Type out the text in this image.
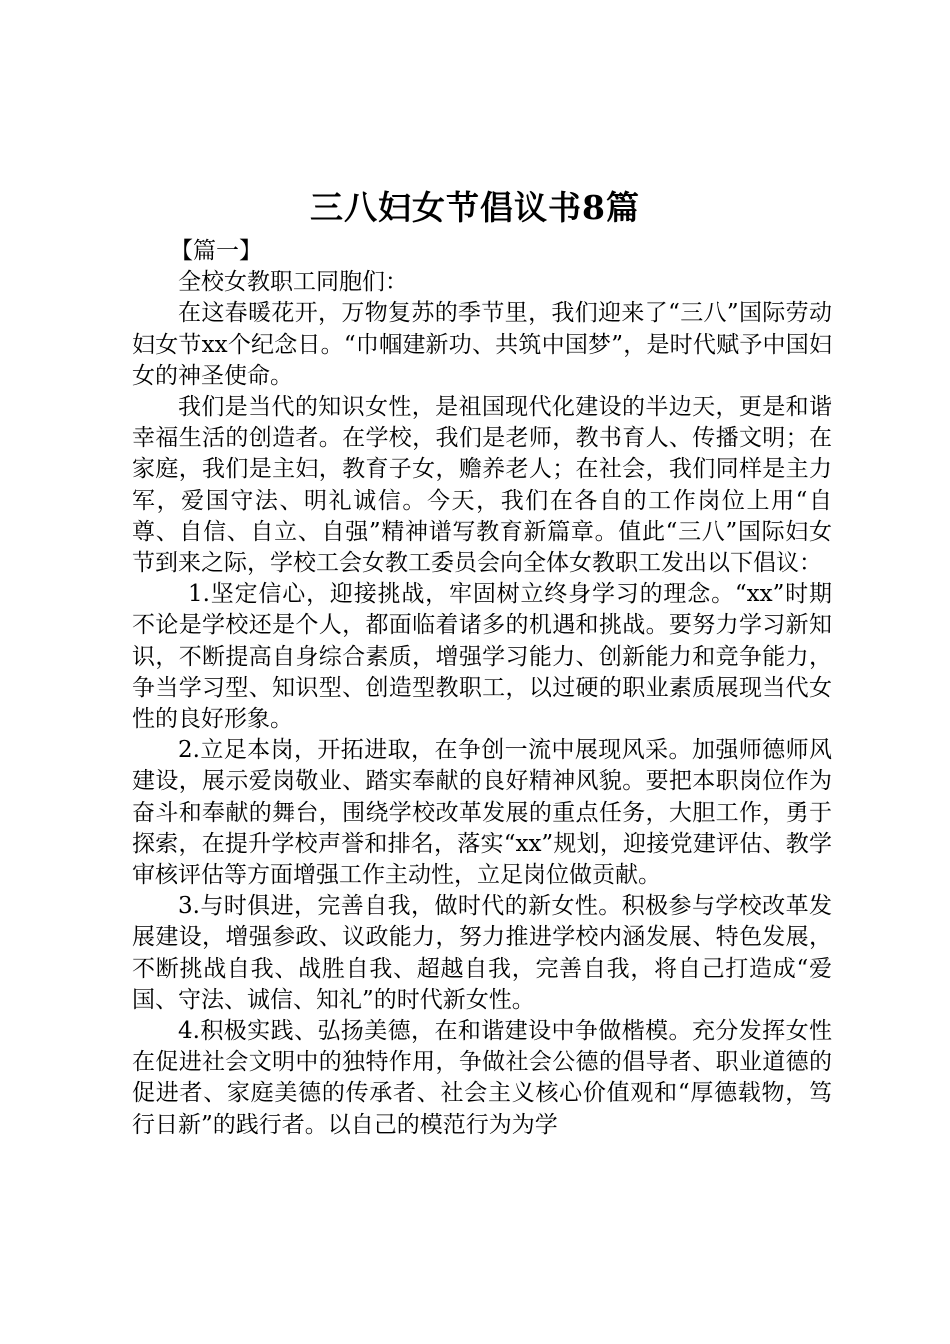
三八妇女节倡议书8篇

【篇一】

全校女教职工同胞们：

在这春暖花开，万物复苏的季节里，我们迎来了“三八”国际劳动妇女节xx个纪念日。“巾帼建新功、共筑中国梦”，是时代赋予中国妇女的神圣使命。

我们是当代的知识女性，是祖国现代化建设的半边天，更是和谐幸福生活的创造者。在学校，我们是老师，教书育人、传播文明；在家庭，我们是主妇，教育子女，赡养老人；在社会，我们同样是主力军，爱国守法、明礼诚信。今天，我们在各自的工作岗位上用“自尊、自信、自立、自强”精神谱写教育新篇章。值此“三八”国际妇女节到来之际，学校工会女教工委员会向全体女教职工发出以下倡议：

1.坚定信心，迎接挑战，牢固树立终身学习的理念。“xx”时期不论是学校还是个人，都面临着诸多的机遇和挑战。要努力学习新知识，不断提高自身综合素质，增强学习能力、创新能力和竞争能力，争当学习型、知识型、创造型教职工，以过硬的职业素质展现当代女性的良好形象。

2.立足本岗，开拓进取，在争创一流中展现风采。加强师德师风建设，展示爱岗敬业、踏实奉献的良好精神风貌。要把本职岗位作为奋斗和奉献的舞台，围绕学校改革发展的重点任务，大胆工作，勇于探索，在提升学校声誉和排名，落实“xx”规划，迎接党建评估、教学审核评估等方面增强工作主动性，立足岗位做贡献。

3.与时俱进，完善自我，做时代的新女性。积极参与学校改革发展建设，增强参政、议政能力，努力推进学校内涵发展、特色发展，不断挑战自我、战胜自我、超越自我，完善自我，将自己打造成“爱国、守法、诚信、知礼”的时代新女性。

4.积极实践、弘扬美德，在和谐建设中争做楷模。充分发挥女性在促进社会文明中的独特作用，争做社会公德的倡导者、职业道德的促进者、家庭美德的传承者、社会主义核心价值观和“厚德载物，笃行日新”的践行者。以自己的模范行为为学
